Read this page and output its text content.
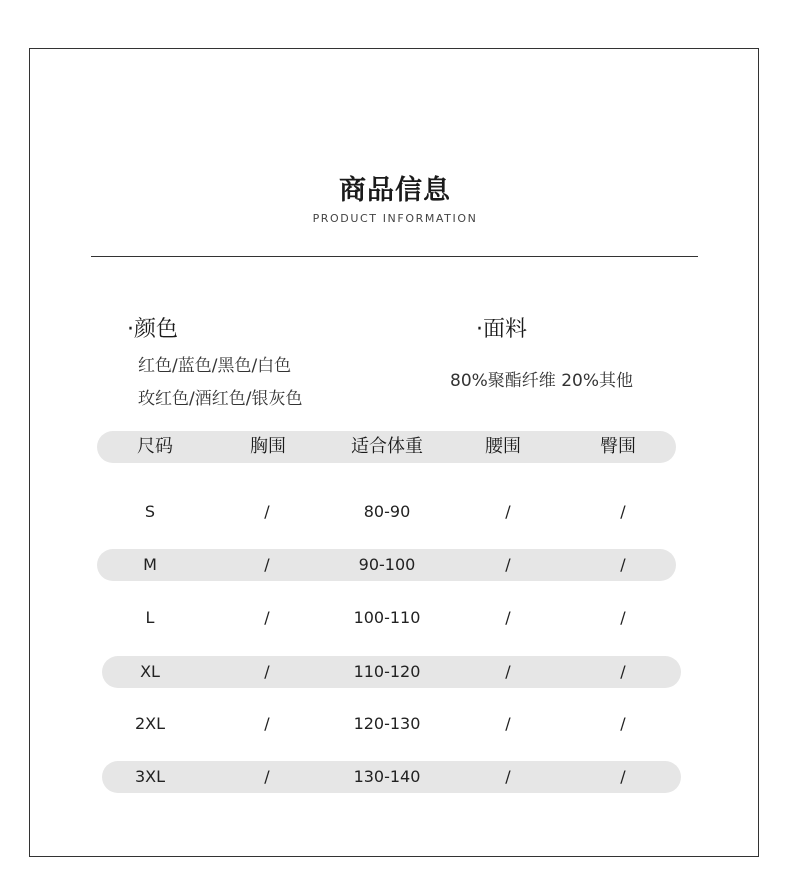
商品信息
PRODUCT INFORMATION
·颜色
红色/蓝色/黑色/白色
玫红色/酒红色/银灰色
·面料
80%聚酯纤维 20%其他
尺码	胸围	适合体重	腰围	臀围
S	/	80-90	/	/
M	/	90-100	/	/
L	/	100-110	/	/
XL	/	110-120	/	/
2XL	/	120-130	/	/
3XL	/	130-140	/	/
